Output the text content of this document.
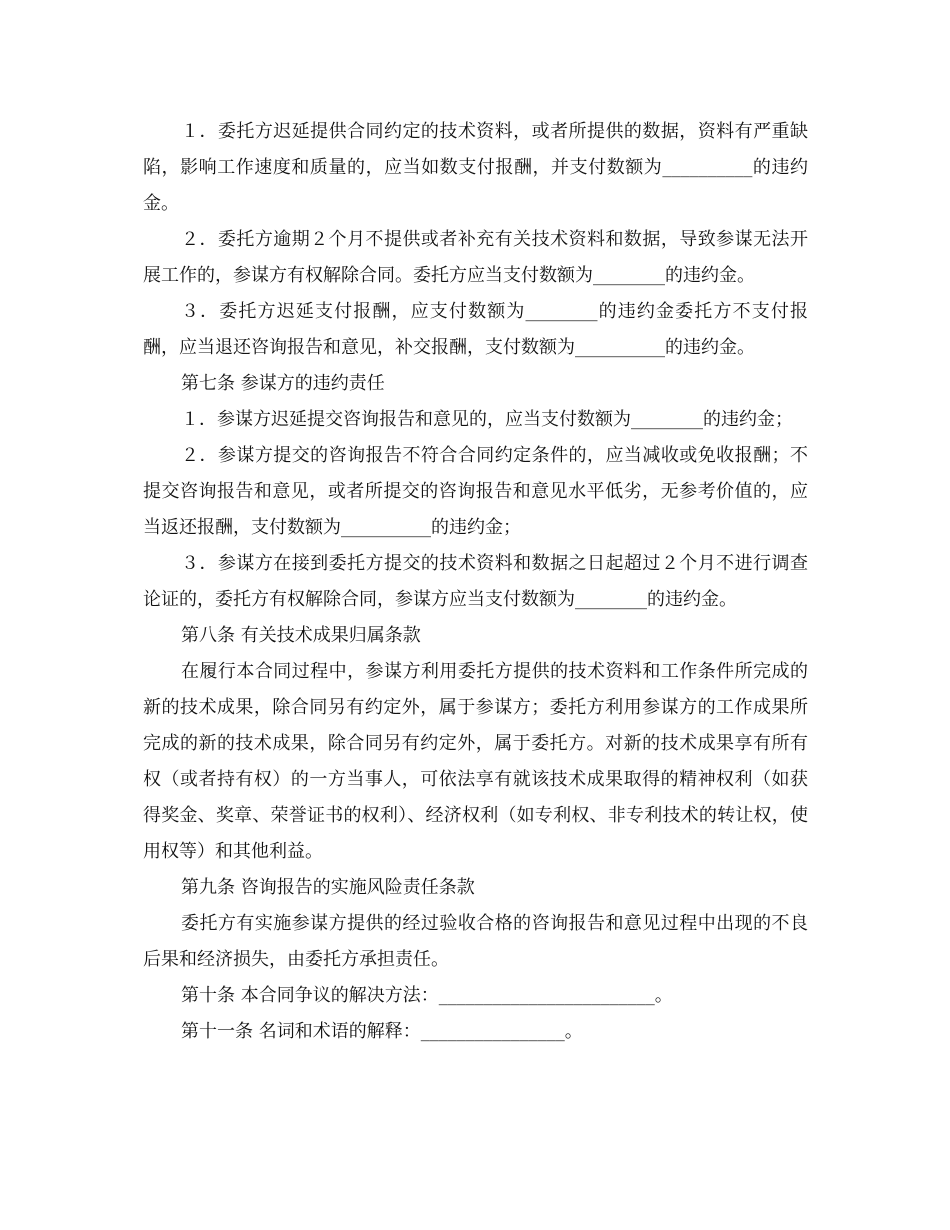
１．委托方迟延提供合同约定的技术资料，或者所提供的数据，资料有严重缺陷，影响工作速度和质量的，应当如数支付报酬，并支付数额为__________的违约金。

２．委托方逾期２个月不提供或者补充有关技术资料和数据，导致参谋无法开展工作的，参谋方有权解除合同。委托方应当支付数额为________的违约金。

３．委托方迟延支付报酬，应支付数额为________的违约金委托方不支付报酬，应当退还咨询报告和意见，补交报酬，支付数额为__________的违约金。

第七条 参谋方的违约责任

１．参谋方迟延提交咨询报告和意见的，应当支付数额为________的违约金；

２．参谋方提交的咨询报告不符合合同约定条件的，应当减收或免收报酬；不提交咨询报告和意见，或者所提交的咨询报告和意见水平低劣，无参考价值的，应当返还报酬，支付数额为__________的违约金；

３．参谋方在接到委托方提交的技术资料和数据之日起超过２个月不进行调查论证的，委托方有权解除合同，参谋方应当支付数额为________的违约金。

第八条 有关技术成果归属条款

在履行本合同过程中，参谋方利用委托方提供的技术资料和工作条件所完成的新的技术成果，除合同另有约定外，属于参谋方；委托方利用参谋方的工作成果所完成的新的技术成果，除合同另有约定外，属于委托方。对新的技术成果享有所有权（或者持有权）的一方当事人，可依法享有就该技术成果取得的精神权利（如获得奖金、奖章、荣誉证书的权利）、经济权利（如专利权、非专利技术的转让权，使用权等）和其他利益。

第九条 咨询报告的实施风险责任条款

委托方有实施参谋方提供的经过验收合格的咨询报告和意见过程中出现的不良后果和经济损失，由委托方承担责任。

第十条 本合同争议的解决方法：________________________。

第十一条 名词和术语的解释：________________。
